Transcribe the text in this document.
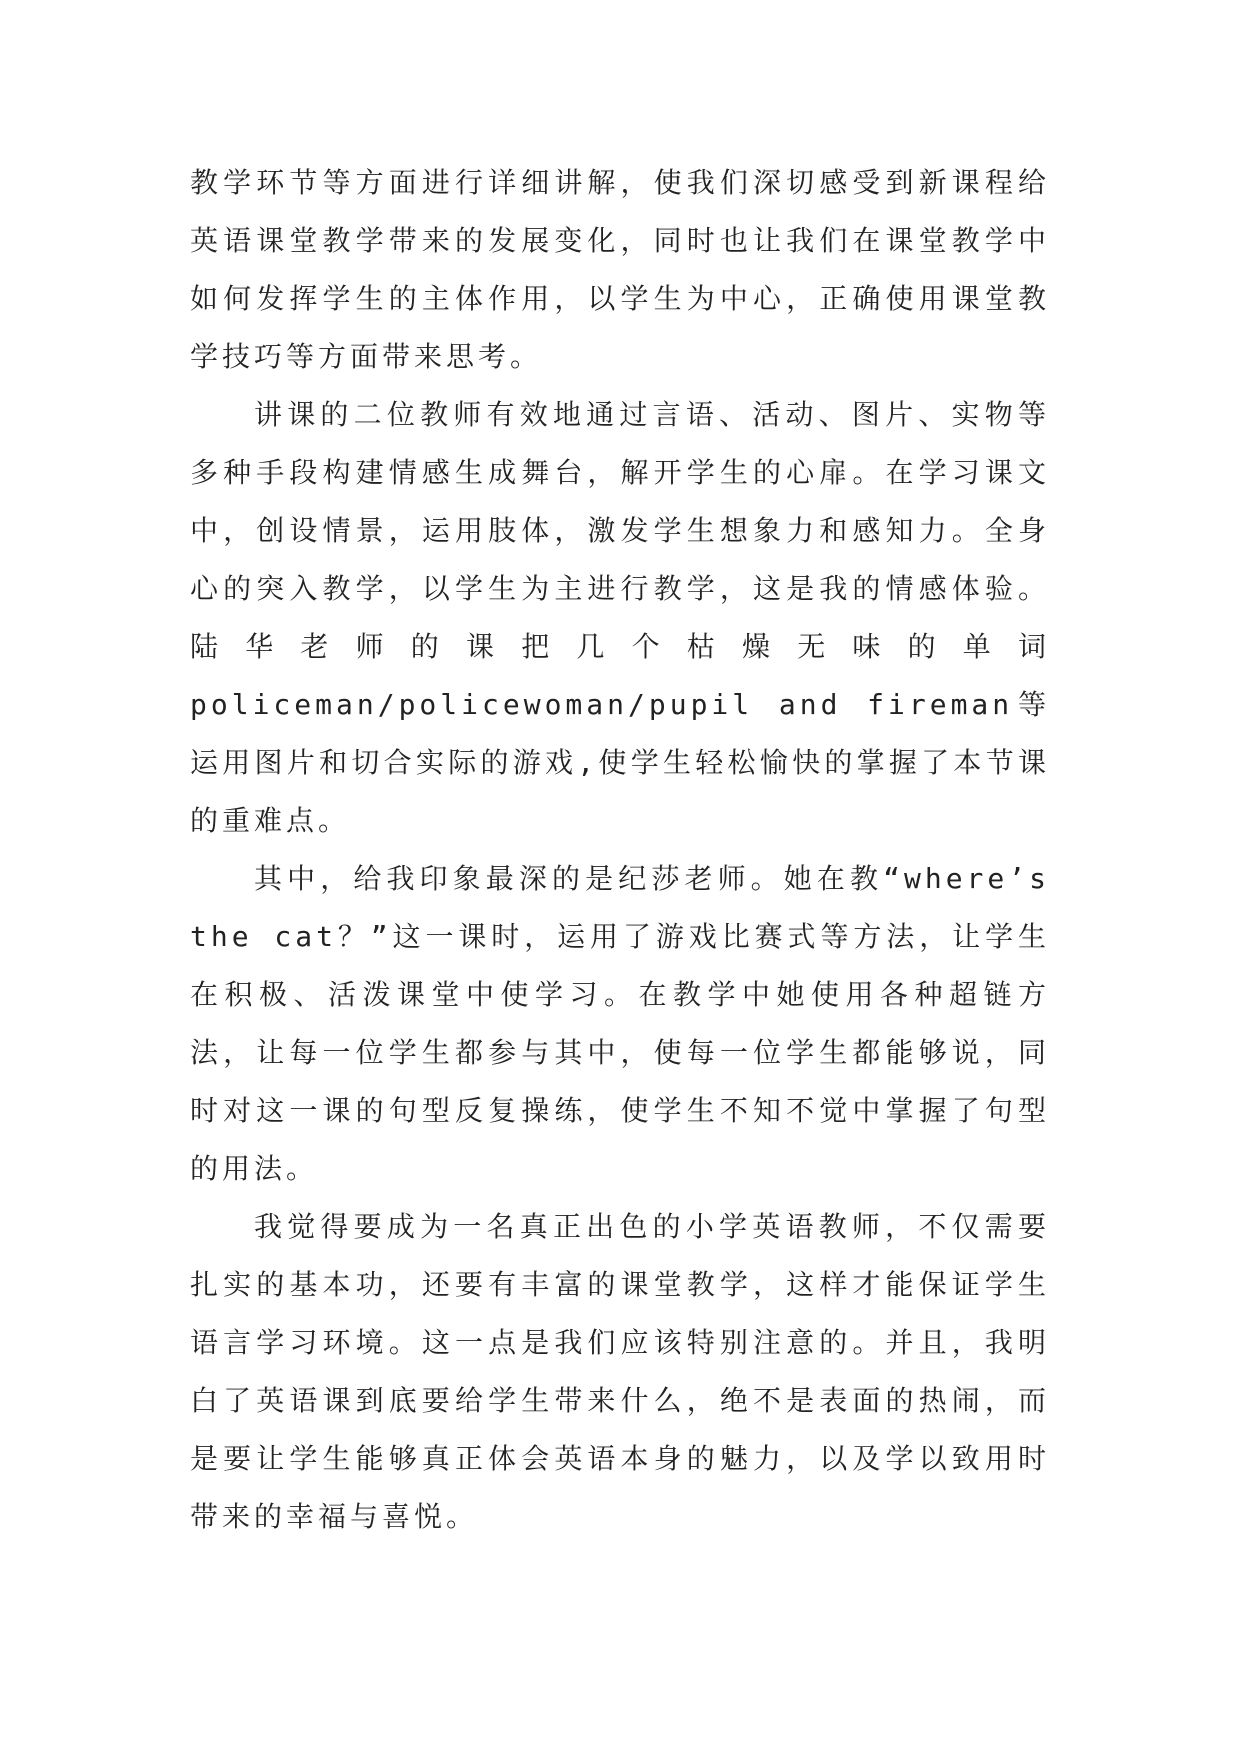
教学环节等方面进行详细讲解，使我们深切感受到新课程给英语课堂教学带来的发展变化，同时也让我们在课堂教学中如何发挥学生的主体作用，以学生为中心，正确使用课堂教学技巧等方面带来思考。

讲课的二位教师有效地通过言语、活动、图片、实物等多种手段构建情感生成舞台，解开学生的心扉。在学习课文中，创设情景，运用肢体，激发学生想象力和感知力。全身心的突入教学，以学生为主进行教学，这是我的情感体验。陆华老师的课把几个枯燥无味的单词policeman/policewoman/pupil and fireman等运用图片和切合实际的游戏,使学生轻松愉快的掌握了本节课的重难点。

其中，给我印象最深的是纪莎老师。她在教“where’s the cat？”这一课时，运用了游戏比赛式等方法，让学生在积极、活泼课堂中使学习。在教学中她使用各种超链方法，让每一位学生都参与其中，使每一位学生都能够说，同时对这一课的句型反复操练，使学生不知不觉中掌握了句型的用法。

我觉得要成为一名真正出色的小学英语教师，不仅需要扎实的基本功，还要有丰富的课堂教学，这样才能保证学生语言学习环境。这一点是我们应该特别注意的。并且，我明白了英语课到底要给学生带来什么，绝不是表面的热闹，而是要让学生能够真正体会英语本身的魅力，以及学以致用时带来的幸福与喜悦。
